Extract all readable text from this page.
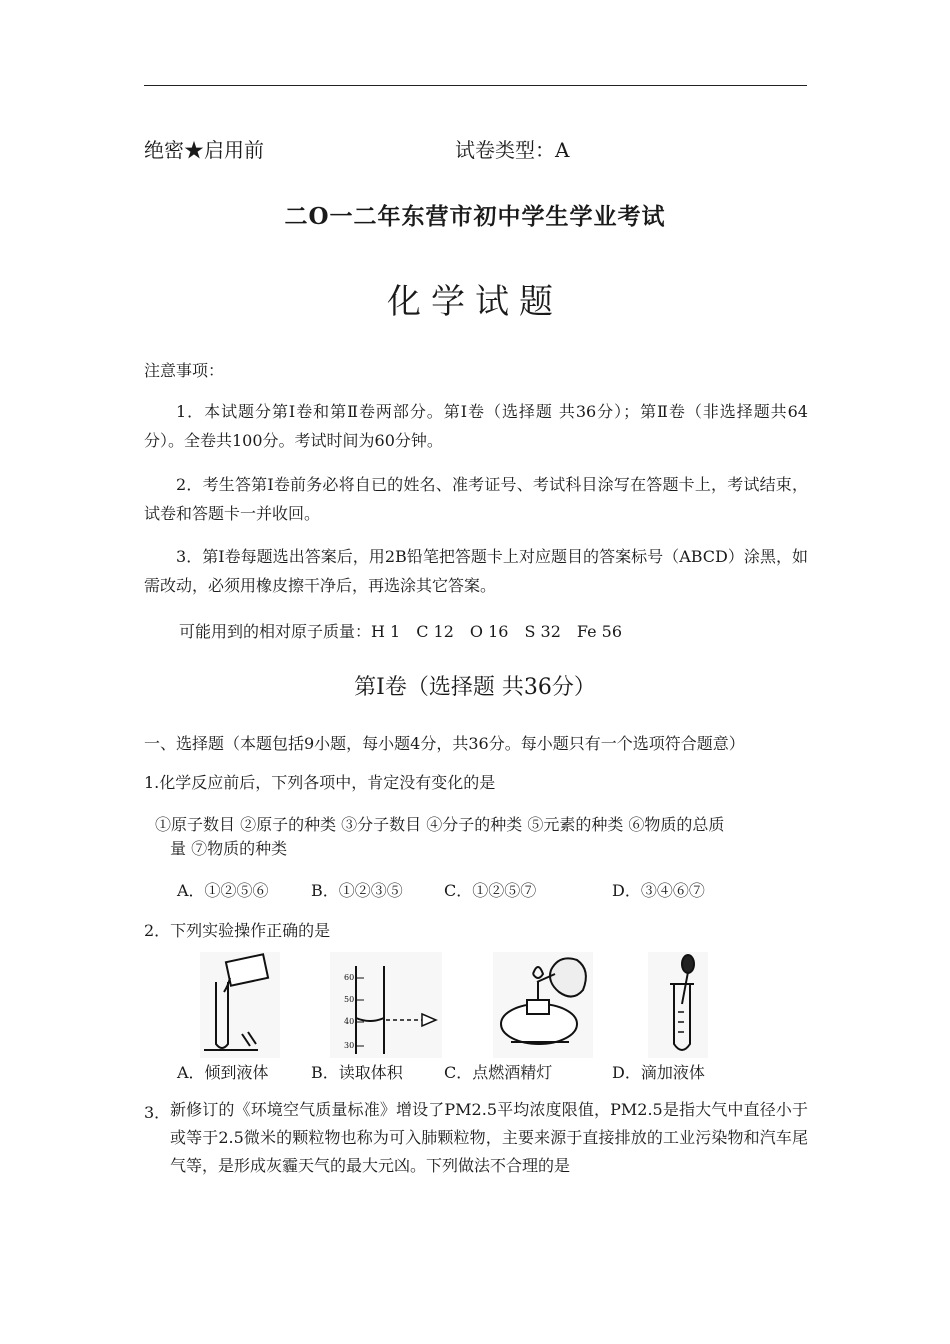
绝密★启用前	试卷类型：A
二O一二年东营市初中学生学业考试
化学试题
注意事项：
1．本试题分第Ⅰ卷和第Ⅱ卷两部分。第Ⅰ卷（选择题 共36分）；第Ⅱ卷（非选择题共64分）。全卷共100分。考试时间为60分钟。
2．考生答第Ⅰ卷前务必将自已的姓名、准考证号、考试科目涂写在答题卡上，考试结束，试卷和答题卡一并收回。
3．第Ⅰ卷每题选出答案后，用2B铅笔把答题卡上对应题目的答案标号（ABCD）涂黑，如需改动，必须用橡皮擦干净后，再选涂其它答案。
可能用到的相对原子质量：H 1　C 12　O 16　S 32　Fe 56
第Ⅰ卷（选择题 共36分）
一、选择题（本题包括9小题，每小题4分，共36分。每小题只有一个选项符合题意）
1.化学反应前后，下列各项中，肯定没有变化的是
①原子数目 ②原子的种类 ③分子数目 ④分子的种类 ⑤元素的种类 ⑥物质的总质
量 ⑦物质的种类
A．①②⑤⑥	B．①②③⑤	C．①②⑤⑦	D．③④⑥⑦
2．下列实验操作正确的是
60
50
40
30
A．倾到液体	B．读取体积	C．点燃酒精灯	D．滴加液体
3． 新修订的《环境空气质量标准》增设了PM2.5平均浓度限值，PM2.5是指大气中直径小于或等于2.5微米的颗粒物也称为可入肺颗粒物，主要来源于直接排放的工业污染物和汽车尾气等，是形成灰霾天气的最大元凶。下列做法不合理的是
